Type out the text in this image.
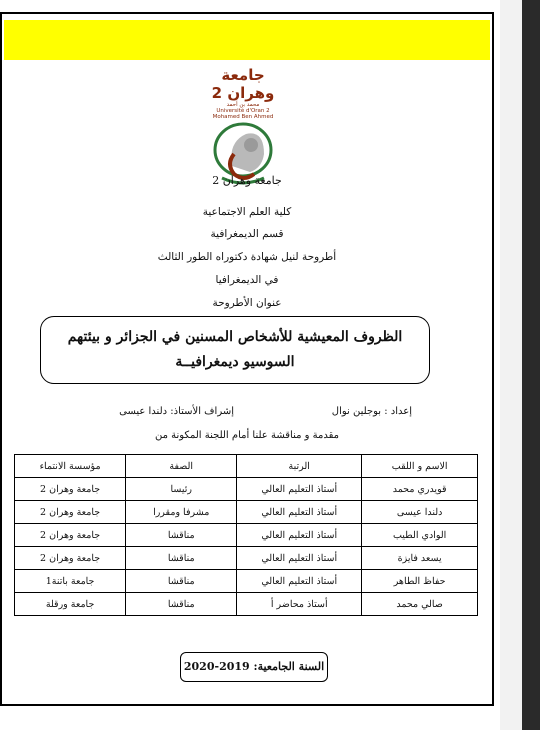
جامعة وهران 2
محمد بن أحمد
Université d'Oran 2
Mohamed Ben Ahmed
جامعة وهران 2
كلية العلم الاجتماعية
قسم الديمغرافية
أطروحة لنيل شهادة دكتوراه الطور الثالث
في الديمغرافيا
عنوان الأطروحة
الظروف المعيشية للأشخاص المسنين في الجزائر و بيئتهم
السوسيو ديمغرافيــة
إعداد : بوجلين نوال
إشراف الأستاذ: دلندا عيسى
مقدمة و مناقشة علنا أمام اللجنة المكونة من
الاسم و اللقب	الرتبة	الصفة	مؤسسة الانتماء
قويدري محمد	أستاذ التعليم العالي	رئيسا	جامعة وهران 2
دلندا عيسى	أستاذ التعليم العالي	مشرفا ومقررا	جامعة وهران 2
الوادي الطيب	أستاذ التعليم العالي	مناقشا	جامعة وهران 2
يسعد فايزة	أستاذ التعليم العالي	مناقشا	جامعة وهران 2
حفاظ الطاهر	أستاذ التعليم العالي	مناقشا	جامعة باتنة1
صالي محمد	أستاذ محاضر أ	مناقشا	جامعة ورقلة
السنة الجامعية: 2019-2020
